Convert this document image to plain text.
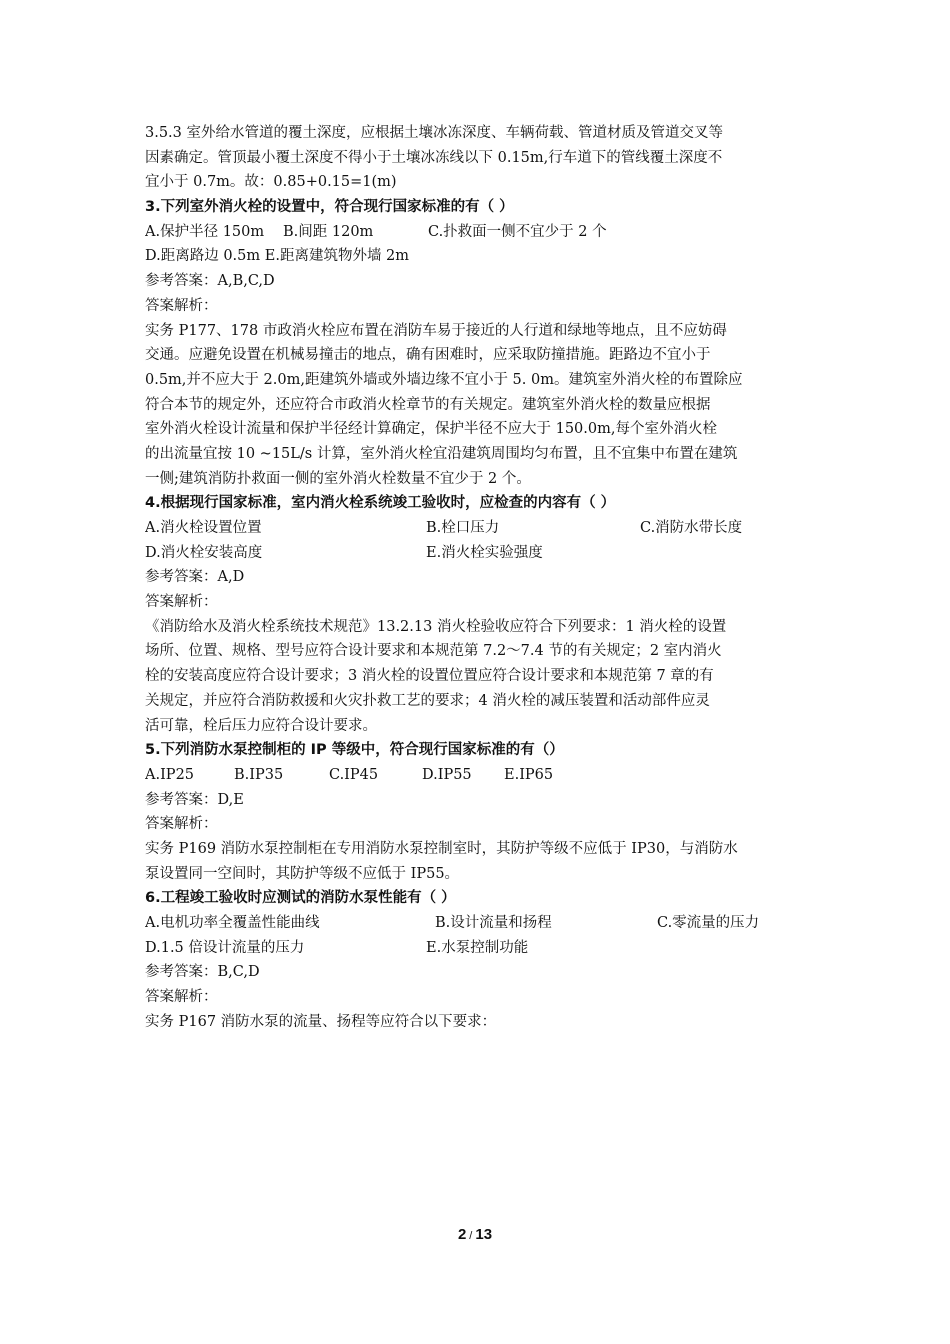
3.5.3 室外给水管道的覆土深度，应根据土壤冰冻深度、车辆荷载、管道材质及管道交叉等
因素确定。管顶最小覆土深度不得小于土壤冰冻线以下 0.15m,行车道下的管线覆土深度不
宜小于 0.7m。故：0.85+0.15=1(m)
3.下列室外消火栓的设置中，符合现行国家标准的有（ ）
A.保护半径 150m B.间距 120m	C.扑救面一侧不宜少于 2 个
D.距离路边 0.5m E.距离建筑物外墙 2m
参考答案：A,B,C,D
答案解析：
实务 P177、178 市政消火栓应布置在消防车易于接近的人行道和绿地等地点，且不应妨碍
交通。应避免设置在机械易撞击的地点，确有困难时，应采取防撞措施。距路边不宜小于
0.5m,并不应大于 2.0m,距建筑外墙或外墙边缘不宜小于 5. 0m。建筑室外消火栓的布置除应
符合本节的规定外，还应符合市政消火栓章节的有关规定。建筑室外消火栓的数量应根据
室外消火栓设计流量和保护半径经计算确定，保护半径不应大于 150.0m,每个室外消火栓
的出流量宜按 10 ~15L/s 计算，室外消火栓宜沿建筑周围均匀布置，且不宜集中布置在建筑
一侧;建筑消防扑救面一侧的室外消火栓数量不宜少于 2 个。
4.根据现行国家标准，室内消火栓系统竣工验收时，应检查的内容有（ ）
A.消火栓设置位置	B.栓口压力	C.消防水带长度
D.消火栓安装高度	E.消火栓实验强度
参考答案：A,D
答案解析：
《消防给水及消火栓系统技术规范》13.2.13 消火栓验收应符合下列要求：1 消火栓的设置
场所、位置、规格、型号应符合设计要求和本规范第 7.2～7.4 节的有关规定；2 室内消火
栓的安装高度应符合设计要求；3 消火栓的设置位置应符合设计要求和本规范第 7 章的有
关规定，并应符合消防救援和火灾扑救工艺的要求；4 消火栓的减压装置和活动部件应灵
活可靠，栓后压力应符合设计要求。
5.下列消防水泵控制柜的 IP 等级中，符合现行国家标准的有（）
A.IP25	B.IP35	C.IP45	D.IP55 E.IP65
参考答案：D,E
答案解析：
实务 P169 消防水泵控制柜在专用消防水泵控制室时，其防护等级不应低于 IP30，与消防水
泵设置同一空间时，其防护等级不应低于 IP55。
6.工程竣工验收时应测试的消防水泵性能有（ ）
A.电机功率全覆盖性能曲线	B.设计流量和扬程	C.零流量的压力
D.1.5 倍设计流量的压力	E.水泵控制功能
参考答案：B,C,D
答案解析：
实务 P167 消防水泵的流量、扬程等应符合以下要求：
2 / 13
